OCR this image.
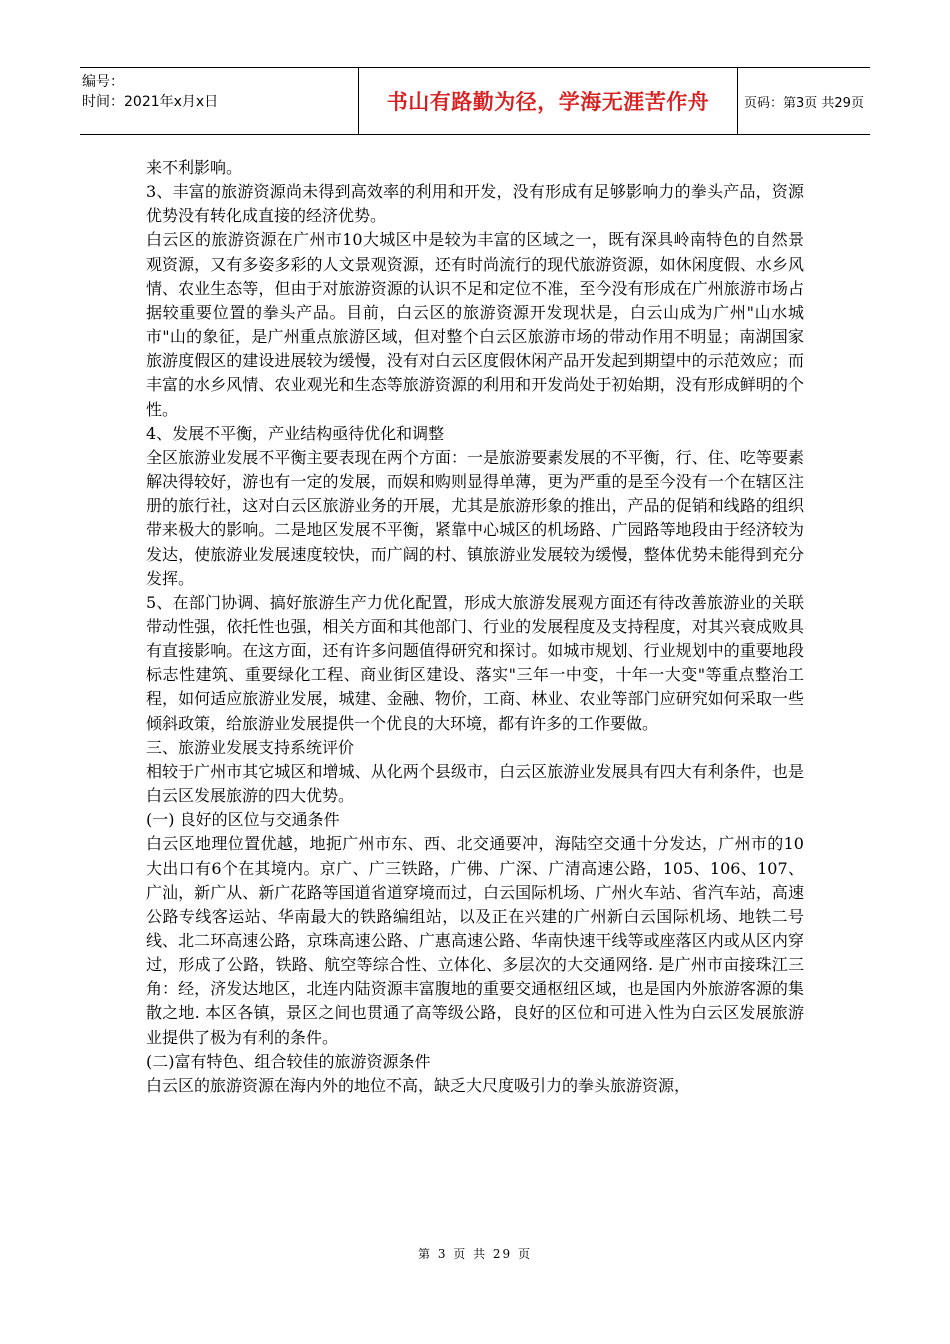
编号：
时间：2021年x月x日	书山有路勤为径，学海无涯苦作舟	页码：第3页 共29页

来不利影响。

3、丰富的旅游资源尚未得到高效率的利用和开发，没有形成有足够影响力的拳头产品，资源优势没有转化成直接的经济优势。

白云区的旅游资源在广州市10大城区中是较为丰富的区域之一，既有深具岭南特色的自然景观资源，又有多姿多彩的人文景观资源，还有时尚流行的现代旅游资源，如休闲度假、水乡风情、农业生态等，但由于对旅游资源的认识不足和定位不准，至今没有形成在广州旅游市场占据较重要位置的拳头产品。目前，白云区的旅游资源开发现状是，白云山成为广州"山水城市"山的象征，是广州重点旅游区域，但对整个白云区旅游市场的带动作用不明显；南湖国家旅游度假区的建设进展较为缓慢，没有对白云区度假休闲产品开发起到期望中的示范效应；而丰富的水乡风情、农业观光和生态等旅游资源的利用和开发尚处于初始期，没有形成鲜明的个性。

4、发展不平衡，产业结构亟待优化和调整

全区旅游业发展不平衡主要表现在两个方面：一是旅游要素发展的不平衡，行、住、吃等要素解决得较好，游也有一定的发展，而娱和购则显得单薄，更为严重的是至今没有一个在辖区注册的旅行社，这对白云区旅游业务的开展，尤其是旅游形象的推出，产品的促销和线路的组织带来极大的影响。二是地区发展不平衡，紧靠中心城区的机场路、广园路等地段由于经济较为发达，使旅游业发展速度较快，而广阔的村、镇旅游业发展较为缓慢，整体优势未能得到充分发挥。

5、在部门协调、搞好旅游生产力优化配置，形成大旅游发展观方面还有待改善旅游业的关联带动性强，依托性也强，相关方面和其他部门、行业的发展程度及支持程度，对其兴衰成败具有直接影响。在这方面，还有许多问题值得研究和探讨。如城市规划、行业规划中的重要地段标志性建筑、重要绿化工程、商业街区建设、落实"三年一中变，十年一大变"等重点整治工程，如何适应旅游业发展，城建、金融、物价，工商、林业、农业等部门应研究如何采取一些倾斜政策，给旅游业发展提供一个优良的大环境，都有许多的工作要做。

三、旅游业发展支持系统评价

相较于广州市其它城区和增城、从化两个县级市，白云区旅游业发展具有四大有利条件，也是白云区发展旅游的四大优势。

(一) 良好的区位与交通条件

白云区地理位置优越，地扼广州市东、西、北交通要冲，海陆空交通十分发达，广州市的10大出口有6个在其境内。京广、广三铁路，广佛、广深、广清高速公路，105、106、107、广汕，新广从、新广花路等国道省道穿境而过，白云国际机场、广州火车站、省汽车站，高速公路专线客运站、华南最大的铁路编组站，以及正在兴建的广州新白云国际机场、地铁二号线、北二环高速公路，京珠高速公路、广惠高速公路、华南快速干线等或座落区内或从区内穿过，形成了公路，铁路、航空等综合性、立体化、多层次的大交通网络. 是广州市亩接珠江三角：经，济发达地区，北连内陆资源丰富腹地的重要交通枢纽区域，也是国内外旅游客源的集散之地. 本区各镇，景区之间也贯通了高等级公路，良好的区位和可进入性为白云区发展旅游业提供了极为有利的条件。

(二)富有特色、组合较佳的旅游资源条件

白云区的旅游资源在海内外的地位不高，缺乏大尺度吸引力的拳头旅游资源，

第 3 页 共 29 页
